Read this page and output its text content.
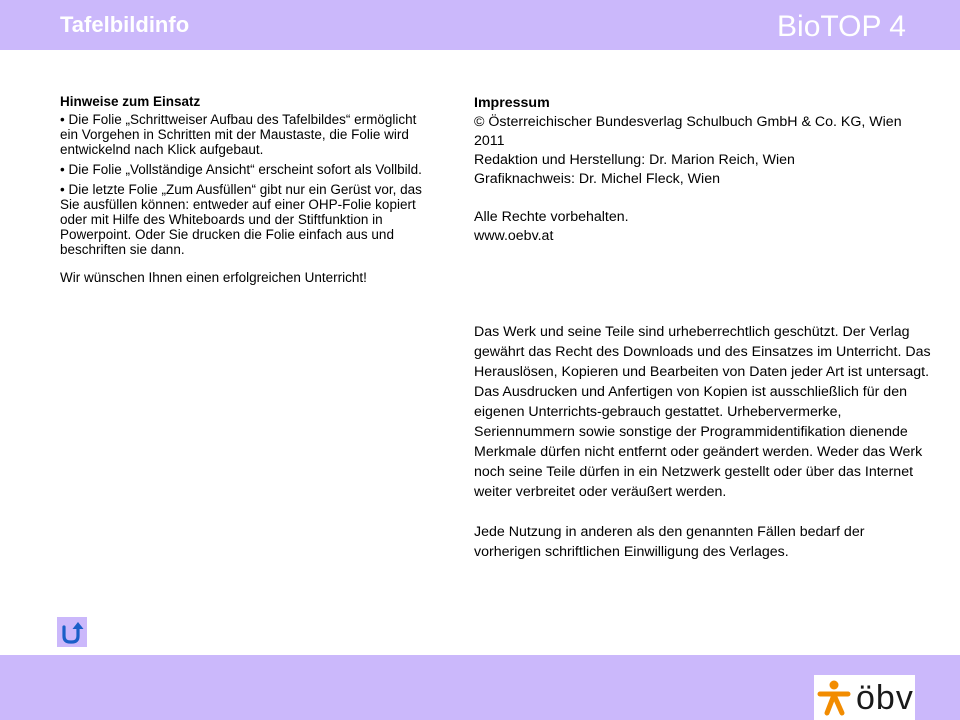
Tafelbildinfo	BioTOP 4
Hinweise zum Einsatz
• Die Folie „Schrittweiser Aufbau des Tafelbildes“ ermöglicht ein Vorgehen in Schritten mit der Maustaste, die Folie wird entwickelnd nach Klick aufgebaut.
• Die Folie „Vollständige Ansicht“ erscheint sofort als Vollbild.
• Die letzte Folie „Zum Ausfüllen“ gibt nur ein Gerüst vor, das Sie ausfüllen können: entweder auf einer OHP-Folie kopiert oder mit Hilfe des Whiteboards und der Stiftfunktion in Powerpoint. Oder Sie drucken die Folie einfach aus und beschriften sie dann.
Wir wünschen Ihnen einen erfolgreichen Unterricht!

Impressum

© Österreichischer Bundesverlag Schulbuch GmbH & Co. KG, Wien 2011

Redaktion und Herstellung: Dr. Marion Reich, Wien

Grafiknachweis: Dr. Michel Fleck, Wien

Alle Rechte vorbehalten.

www.oebv.at

Das Werk und seine Teile sind urheberrechtlich geschützt. Der Verlag gewährt das Recht des Downloads und des Einsatzes im Unterricht. Das Herauslösen, Kopieren und Bearbeiten von Daten jeder Art ist untersagt. Das Ausdrucken und Anfertigen von Kopien ist ausschließlich für den eigenen Unterrichts-gebrauch gestattet. Urhebervermerke, Seriennummern sowie sonstige der Programmidentifikation dienende Merkmale dürfen nicht entfernt oder geändert werden. Weder das Werk noch seine Teile dürfen in ein Netzwerk gestellt oder über das Internet weiter verbreitet oder veräußert werden.

Jede Nutzung in anderen als den genannten Fällen bedarf der vorherigen schriftlichen Einwilligung des Verlages.

öbv
